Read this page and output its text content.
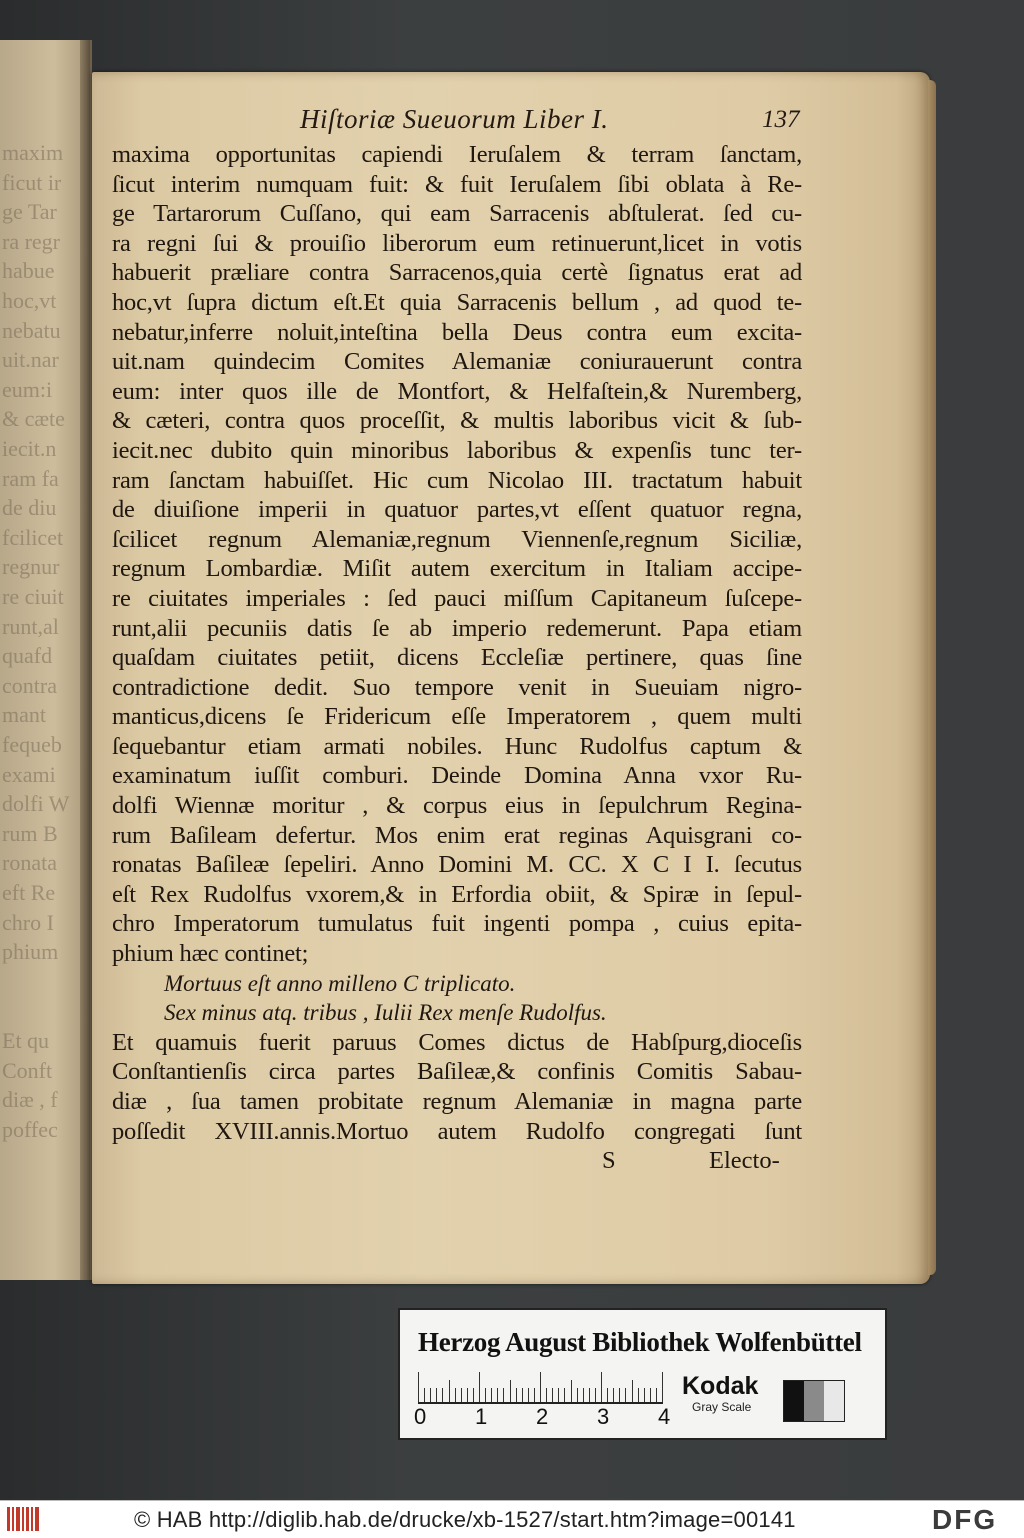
maxim
ficut ir
ge Tar
ra regr
habue
hoc,vt
nebatu
uit.nar
eum:i
& cæte
iecit.n
ram fa
de diu
fcilicet
regnur
re ciuit
runt,al
quafd
contra
mant
fequeb
exami
dolfi W
rum B
ronata
eft Re
chro I
phium
Et qu
Conft
diæ , f
poffec
Hiſtoriæ Sueuorum Liber I.	137
maxima opportunitas capiendi Ieruſalem & terram ſanctam,
ſicut interim numquam fuit: & fuit Ieruſalem ſibi oblata à Re-
ge Tartarorum Cuſſano, qui eam Sarracenis abſtulerat. ſed cu-
ra regni ſui & prouiſio liberorum eum retinuerunt,licet in votis
habuerit præliare contra Sarracenos,quia certè ſignatus erat ad
hoc,vt ſupra dictum eſt.Et quia Sarracenis bellum , ad quod te-
nebatur,inferre noluit,inteſtina bella Deus contra eum excita-
uit.nam quindecim Comites Alemaniæ coniurauerunt contra
eum: inter quos ille de Montfort, & Helfaſtein,& Nuremberg,
& cæteri, contra quos proceſſit, & multis laboribus vicit & ſub-
iecit.nec dubito quin minoribus laboribus & expenſis tunc ter-
ram ſanctam habuiſſet. Hic cum Nicolao III. tractatum habuit
de diuiſione imperii in quatuor partes,vt eſſent quatuor regna,
ſcilicet regnum Alemaniæ,regnum Viennenſe,regnum Siciliæ,
regnum Lombardiæ. Miſit autem exercitum in Italiam accipe-
re ciuitates imperiales : ſed pauci miſſum Capitaneum ſuſcepe-
runt,alii pecuniis datis ſe ab imperio redemerunt. Papa etiam
quaſdam ciuitates petiit, dicens Eccleſiæ pertinere, quas ſine
contradictione dedit. Suo tempore venit in Sueuiam nigro-
manticus,dicens ſe Fridericum eſſe Imperatorem , quem multi
ſequebantur etiam armati nobiles. Hunc Rudolfus captum &
examinatum iuſſit comburi. Deinde Domina Anna vxor Ru-
dolfi Wiennæ moritur , & corpus eius in ſepulchrum Regina-
rum Baſileam defertur. Mos enim erat reginas Aquisgrani co-
ronatas Baſileæ ſepeliri. Anno Domini M. CC. X C I I. ſecutus
eſt Rex Rudolfus vxorem,& in Erfordia obiit, & Spiræ in ſepul-
chro Imperatorum tumulatus fuit ingenti pompa , cuius epita-
phium hæc continet;
Mortuus eſt anno milleno C triplicato.
Sex minus atq. tribus , Iulii Rex menſe Rudolfus.
Et quamuis fuerit paruus Comes dictus de Habſpurg,dioceſis
Conſtantienſis circa partes Baſileæ,& confinis Comitis Sabau-
diæ , ſua tamen probitate regnum Alemaniæ in magna parte
poſſedit XVIII.annis.Mortuo autem Rudolfo congregati ſunt
S	Electo-
Herzog August Bibliothek Wolfenbüttel
0 1 2 3 4
Kodak
Gray Scale
© HAB http://diglib.hab.de/drucke/xb-1527/start.htm?image=00141	DFG
